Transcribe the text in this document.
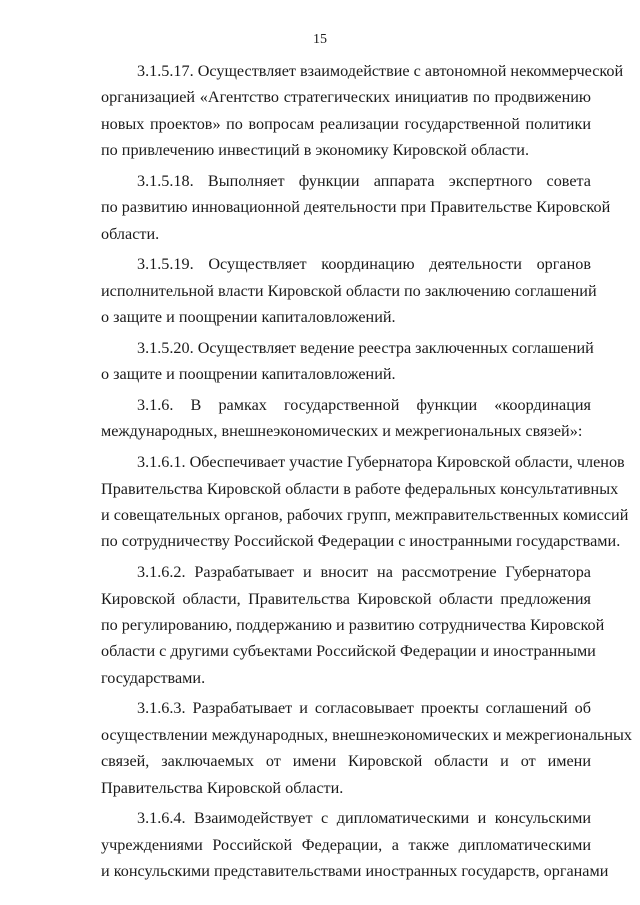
15

3.1.5.17. Осуществляет взаимодействие с автономной некоммерческой
организацией «Агентство стратегических инициатив по продвижению
новых проектов» по вопросам реализации государственной политики
по привлечению инвестиций в экономику Кировской области.

3.1.5.18. Выполняет функции аппарата экспертного совета
по развитию инновационной деятельности при Правительстве Кировской
области.

3.1.5.19. Осуществляет координацию деятельности органов
исполнительной власти Кировской области по заключению соглашений
о защите и поощрении капиталовложений.

3.1.5.20. Осуществляет ведение реестра заключенных соглашений
о защите и поощрении капиталовложений.

3.1.6. В рамках государственной функции «координация
международных, внешнеэкономических и межрегиональных связей»:

3.1.6.1. Обеспечивает участие Губернатора Кировской области, членов
Правительства Кировской области в работе федеральных консультативных
и совещательных органов, рабочих групп, межправительственных комиссий
по сотрудничеству Российской Федерации с иностранными государствами.

3.1.6.2. Разрабатывает и вносит на рассмотрение Губернатора
Кировской области, Правительства Кировской области предложения
по регулированию, поддержанию и развитию сотрудничества Кировской
области с другими субъектами Российской Федерации и иностранными
государствами.

3.1.6.3. Разрабатывает и согласовывает проекты соглашений об
осуществлении международных, внешнеэкономических и межрегиональных
связей, заключаемых от имени Кировской области и от имени
Правительства Кировской области.

3.1.6.4. Взаимодействует с дипломатическими и консульскими
учреждениями Российской Федерации, а также дипломатическими
и консульскими представительствами иностранных государств, органами
